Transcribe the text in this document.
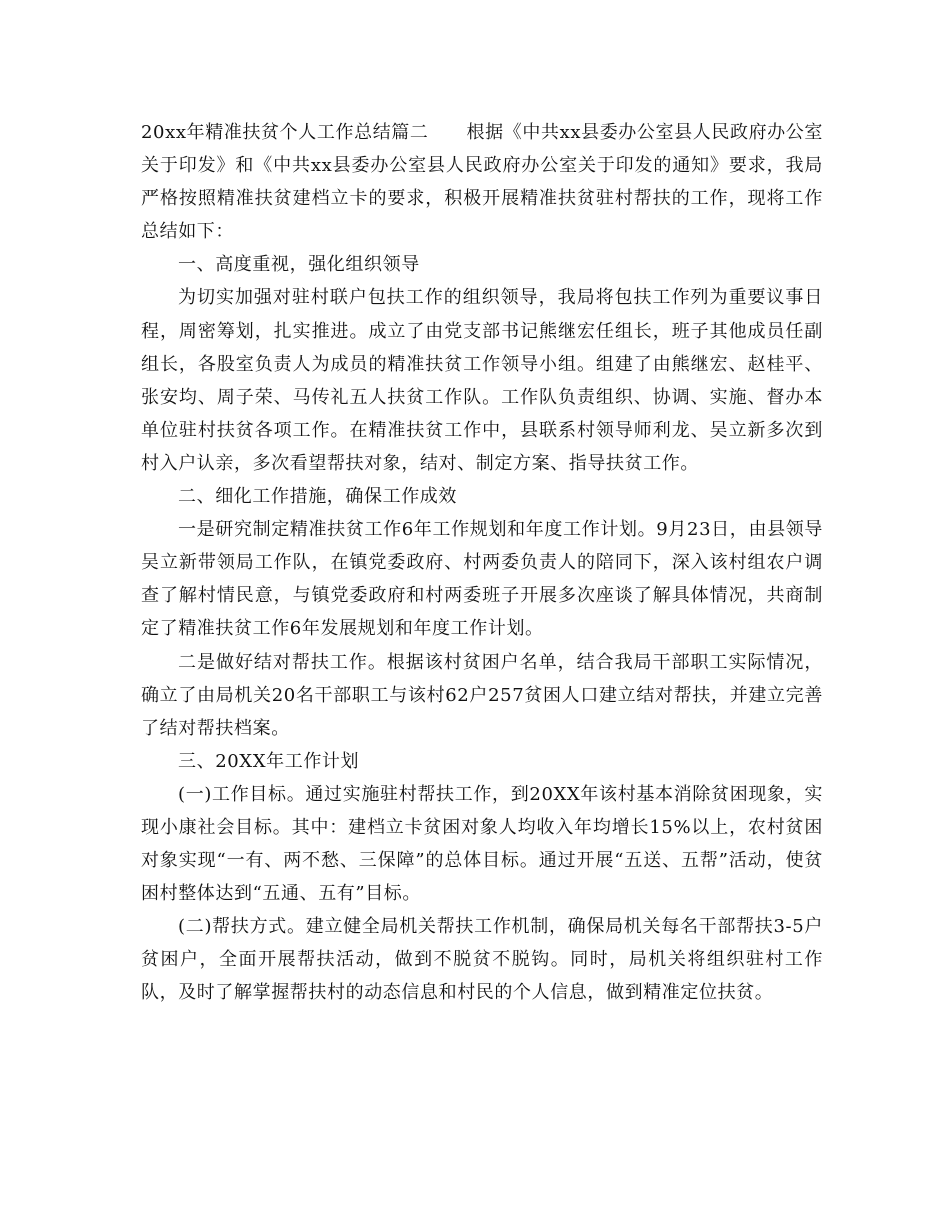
20xx年精准扶贫个人工作总结篇二 根据《中共xx县委办公室县人民政府办公室关于印发》和《中共xx县委办公室县人民政府办公室关于印发的通知》要求，我局严格按照精准扶贫建档立卡的要求，积极开展精准扶贫驻村帮扶的工作，现将工作总结如下：

一、高度重视，强化组织领导

为切实加强对驻村联户包扶工作的组织领导，我局将包扶工作列为重要议事日程，周密筹划，扎实推进。成立了由党支部书记熊继宏任组长，班子其他成员任副组长，各股室负责人为成员的精准扶贫工作领导小组。组建了由熊继宏、赵桂平、张安均、周子荣、马传礼五人扶贫工作队。工作队负责组织、协调、实施、督办本单位驻村扶贫各项工作。在精准扶贫工作中，县联系村领导师利龙、吴立新多次到村入户认亲，多次看望帮扶对象，结对、制定方案、指导扶贫工作。

二、细化工作措施，确保工作成效

一是研究制定精准扶贫工作6年工作规划和年度工作计划。9月23日，由县领导吴立新带领局工作队，在镇党委政府、村两委负责人的陪同下，深入该村组农户调查了解村情民意，与镇党委政府和村两委班子开展多次座谈了解具体情况，共商制定了精准扶贫工作6年发展规划和年度工作计划。

二是做好结对帮扶工作。根据该村贫困户名单，结合我局干部职工实际情况，确立了由局机关20名干部职工与该村62户257贫困人口建立结对帮扶，并建立完善了结对帮扶档案。

三、20XX年工作计划

(一)工作目标。通过实施驻村帮扶工作，到20XX年该村基本消除贫困现象，实现小康社会目标。其中：建档立卡贫困对象人均收入年均增长15%以上，农村贫困对象实现“一有、两不愁、三保障”的总体目标。通过开展“五送、五帮”活动，使贫困村整体达到“五通、五有”目标。

(二)帮扶方式。建立健全局机关帮扶工作机制，确保局机关每名干部帮扶3-5户贫困户，全面开展帮扶活动，做到不脱贫不脱钩。同时，局机关将组织驻村工作队，及时了解掌握帮扶村的动态信息和村民的个人信息，做到精准定位扶贫。
